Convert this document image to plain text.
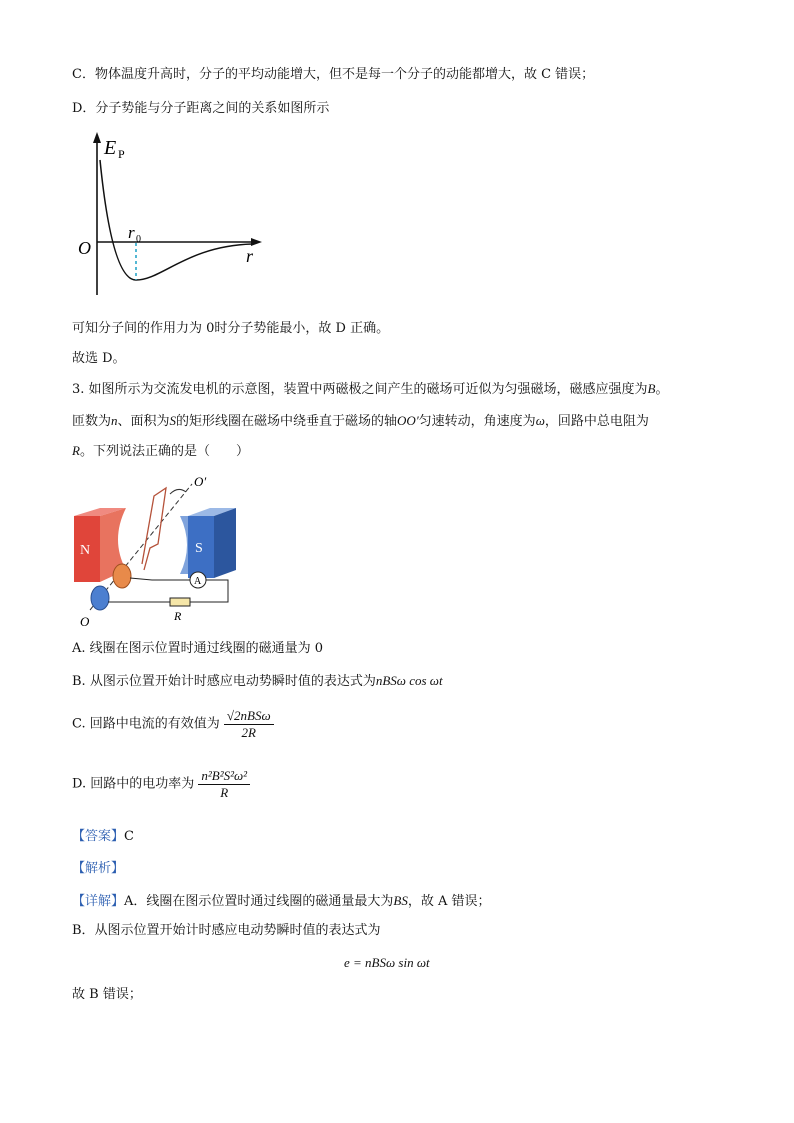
C．物体温度升高时，分子的平均动能增大，但不是每一个分子的动能都增大，故 C 错误；
D．分子势能与分子距离之间的关系如图所示
E P
O
r 0
r
可知分子间的作用力为 0时分子势能最小，故 D 正确。
故选 D。
3. 如图所示为交流发电机的示意图，装置中两磁极之间产生的磁场可近似为匀强磁场，磁感应强度为B。
匝数为n、面积为S的矩形线圈在磁场中绕垂直于磁场的轴OO′匀速转动，角速度为ω，回路中总电阻为
R。下列说法正确的是（　　）
N	S
O′
O
A
R
A. 线圈在图示位置时通过线圈的磁通量为 0
B. 从图示位置开始计时感应电动势瞬时值的表达式为nBSω cos ωt
C. 回路中电流的有效值为 $\frac{\text{√2nBSω}}{2R}$
D. 回路中的电功率为 $\frac{\text{n²B²S²ω²}}{R}$
【答案】C
【解析】
【详解】A．线圈在图示位置时通过线圈的磁通量最大为BS，故 A 错误；
B．从图示位置开始计时感应电动势瞬时值的表达式为
e = nBSω sin ωt
故 B 错误；
